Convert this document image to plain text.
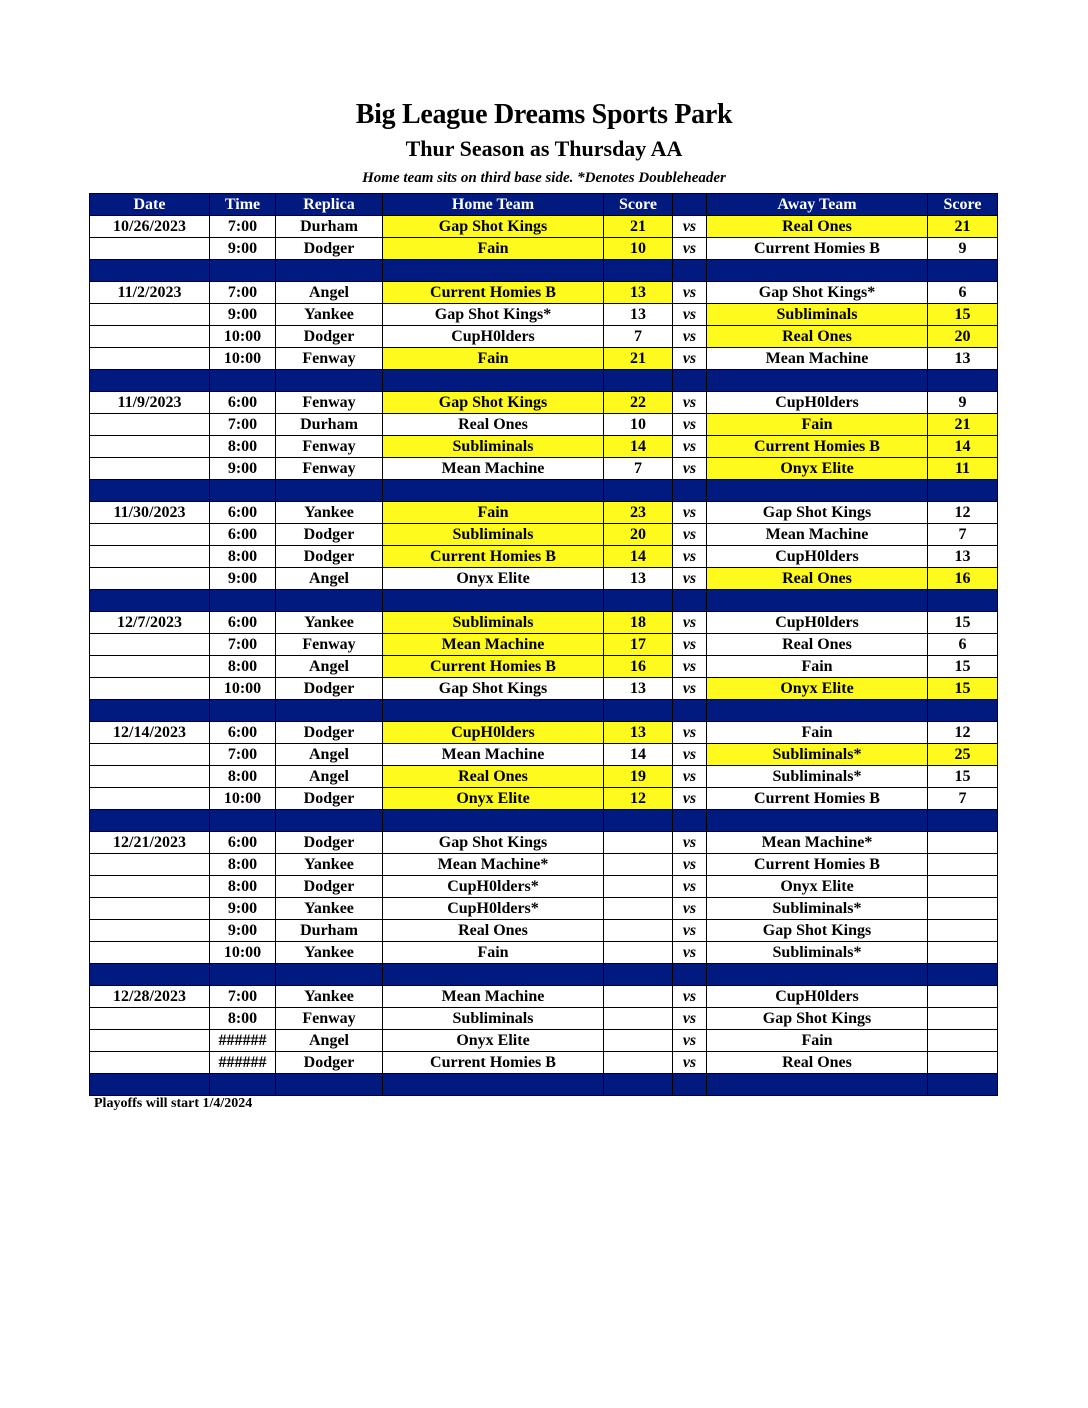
Big League Dreams Sports Park
Thur Season as Thursday AA
Home team sits on third base side. *Denotes Doubleheader
Date	Time	Replica	Home Team	Score		Away Team	Score
10/26/2023	7:00	Durham	Gap Shot Kings	21	vs	Real Ones	21
	9:00	Dodger	Fain	10	vs	Current Homies B	9

11/2/2023	7:00	Angel	Current Homies B	13	vs	Gap Shot Kings*	6
	9:00	Yankee	Gap Shot Kings*	13	vs	Subliminals	15
	10:00	Dodger	CupH0lders	7	vs	Real Ones	20
	10:00	Fenway	Fain	21	vs	Mean Machine	13

11/9/2023	6:00	Fenway	Gap Shot Kings	22	vs	CupH0lders	9
	7:00	Durham	Real Ones	10	vs	Fain	21
	8:00	Fenway	Subliminals	14	vs	Current Homies B	14
	9:00	Fenway	Mean Machine	7	vs	Onyx Elite	11

11/30/2023	6:00	Yankee	Fain	23	vs	Gap Shot Kings	12
	6:00	Dodger	Subliminals	20	vs	Mean Machine	7
	8:00	Dodger	Current Homies B	14	vs	CupH0lders	13
	9:00	Angel	Onyx Elite	13	vs	Real Ones	16

12/7/2023	6:00	Yankee	Subliminals	18	vs	CupH0lders	15
	7:00	Fenway	Mean Machine	17	vs	Real Ones	6
	8:00	Angel	Current Homies B	16	vs	Fain	15
	10:00	Dodger	Gap Shot Kings	13	vs	Onyx Elite	15

12/14/2023	6:00	Dodger	CupH0lders	13	vs	Fain	12
	7:00	Angel	Mean Machine	14	vs	Subliminals*	25
	8:00	Angel	Real Ones	19	vs	Subliminals*	15
	10:00	Dodger	Onyx Elite	12	vs	Current Homies B	7

12/21/2023	6:00	Dodger	Gap Shot Kings		vs	Mean Machine*	
	8:00	Yankee	Mean Machine*		vs	Current Homies B	
	8:00	Dodger	CupH0lders*		vs	Onyx Elite	
	9:00	Yankee	CupH0lders*		vs	Subliminals*	
	9:00	Durham	Real Ones		vs	Gap Shot Kings	
	10:00	Yankee	Fain		vs	Subliminals*	

12/28/2023	7:00	Yankee	Mean Machine		vs	CupH0lders	
	8:00	Fenway	Subliminals		vs	Gap Shot Kings	
	######	Angel	Onyx Elite		vs	Fain	
	######	Dodger	Current Homies B		vs	Real Ones	

Playoffs will start 1/4/2024
